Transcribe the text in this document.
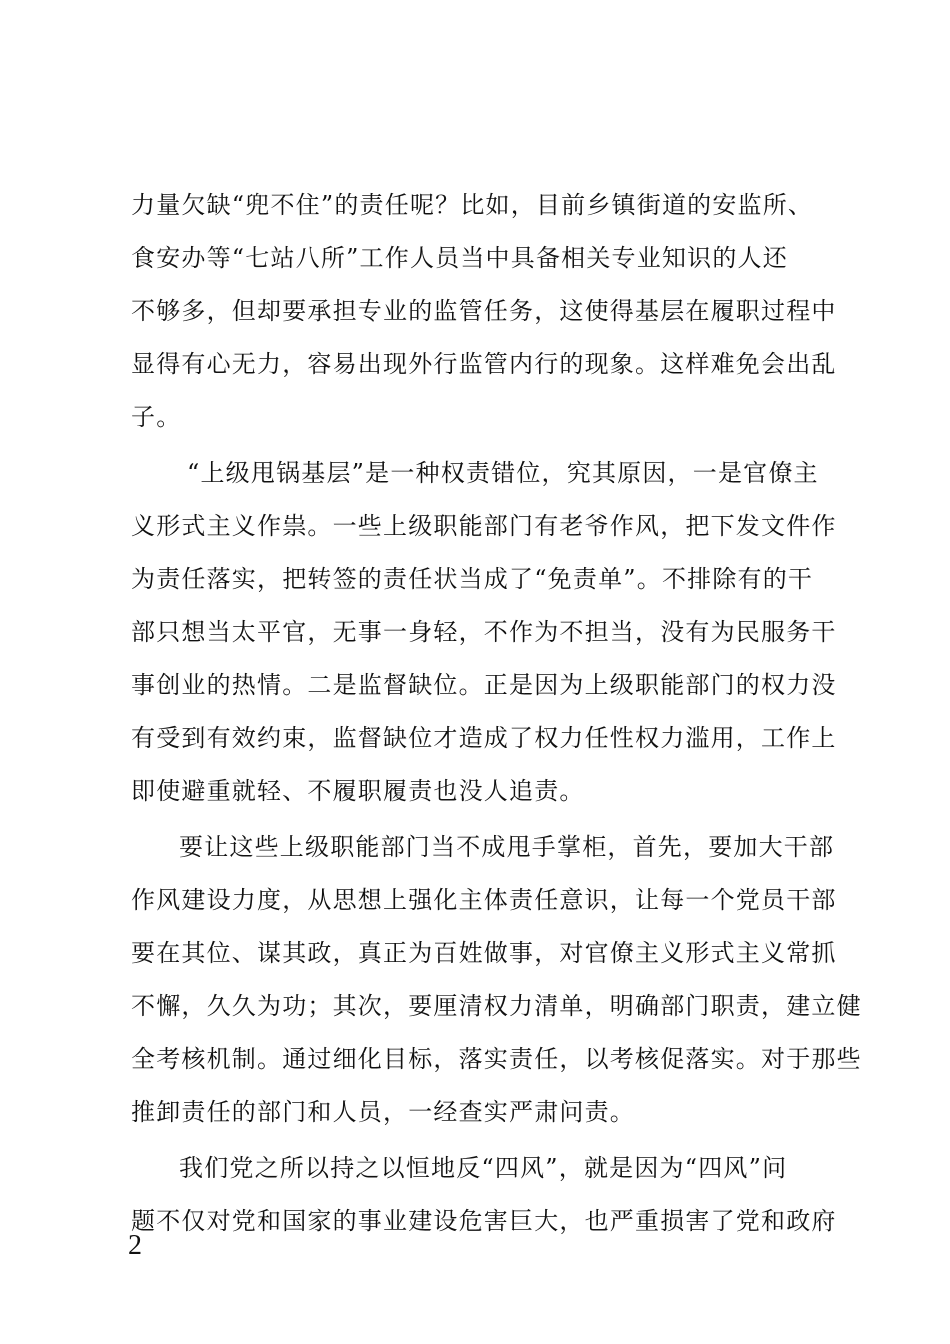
力量欠缺“兜不住”的责任呢？比如，目前乡镇街道的安监所、
食安办等“七站八所”工作人员当中具备相关专业知识的人还
不够多，但却要承担专业的监管任务，这使得基层在履职过程中
显得有心无力，容易出现外行监管内行的现象。这样难免会出乱
子。
“上级甩锅基层”是一种权责错位，究其原因，一是官僚主
义形式主义作祟。一些上级职能部门有老爷作风，把下发文件作
为责任落实，把转签的责任状当成了“免责单”。不排除有的干
部只想当太平官，无事一身轻，不作为不担当，没有为民服务干
事创业的热情。二是监督缺位。正是因为上级职能部门的权力没
有受到有效约束，监督缺位才造成了权力任性权力滥用，工作上
即使避重就轻、不履职履责也没人追责。
要让这些上级职能部门当不成甩手掌柜，首先，要加大干部
作风建设力度，从思想上强化主体责任意识，让每一个党员干部
要在其位、谋其政，真正为百姓做事，对官僚主义形式主义常抓
不懈，久久为功；其次，要厘清权力清单，明确部门职责，建立健
全考核机制。通过细化目标，落实责任，以考核促落实。对于那些
推卸责任的部门和人员，一经查实严肃问责。
我们党之所以持之以恒地反“四风”，就是因为“四风”问
题不仅对党和国家的事业建设危害巨大，也严重损害了党和政府
2
